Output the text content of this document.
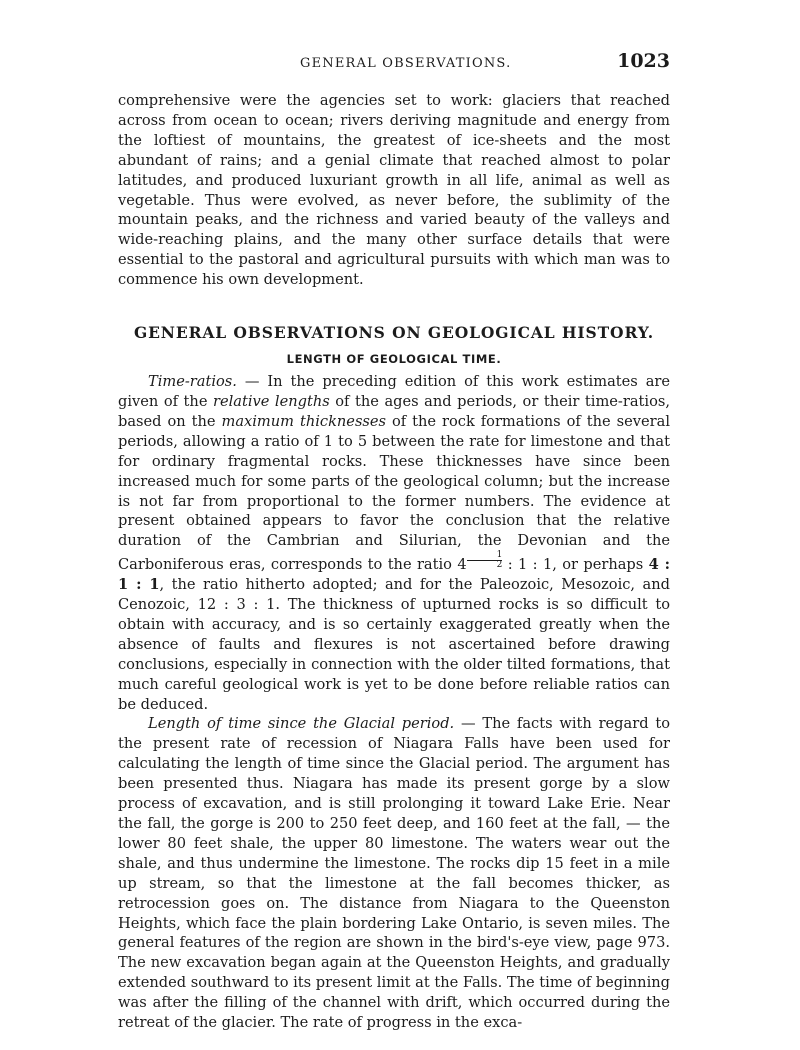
GENERAL OBSERVATIONS.	1023

comprehensive were the agencies set to work: glaciers that reached across from ocean to ocean; rivers deriving magnitude and energy from the loftiest of mountains, the greatest of ice-sheets and the most abundant of rains; and a genial climate that reached almost to polar latitudes, and produced luxuriant growth in all life, animal as well as vegetable. Thus were evolved, as never before, the sublimity of the mountain peaks, and the richness and varied beauty of the valleys and wide-reaching plains, and the many other surface details that were essential to the pastoral and agricultural pursuits with which man was to commence his own development.

GENERAL OBSERVATIONS ON GEOLOGICAL HISTORY.
LENGTH OF GEOLOGICAL TIME.

Time-ratios. — In the preceding edition of this work estimates are given of the relative lengths of the ages and periods, or their time-ratios, based on the maximum thicknesses of the rock formations of the several periods, allowing a ratio of 1 to 5 between the rate for limestone and that for ordinary fragmental rocks. These thicknesses have since been increased much for some parts of the geological column; but the increase is not far from proportional to the former numbers. The evidence at present obtained appears to favor the conclusion that the relative duration of the Cambrian and Silurian, the Devonian and the Carboniferous eras, corresponds to the ratio $4 \frac{1}{2}$ : 1 : 1, or perhaps 4 : 1 : 1, the ratio hitherto adopted; and for the Paleozoic, Mesozoic, and Cenozoic, 12 : 3 : 1. The thickness of upturned rocks is so difficult to obtain with accuracy, and is so certainly exaggerated greatly when the absence of faults and flexures is not ascertained before drawing conclusions, especially in connection with the older tilted formations, that much careful geological work is yet to be done before reliable ratios can be deduced.

Length of time since the Glacial period. — The facts with regard to the present rate of recession of Niagara Falls have been used for calculating the length of time since the Glacial period. The argument has been presented thus. Niagara has made its present gorge by a slow process of excavation, and is still prolonging it toward Lake Erie. Near the fall, the gorge is 200 to 250 feet deep, and 160 feet at the fall, — the lower 80 feet shale, the upper 80 limestone. The waters wear out the shale, and thus undermine the limestone. The rocks dip 15 feet in a mile up stream, so that the limestone at the fall becomes thicker, as retrocession goes on. The distance from Niagara to the Queenston Heights, which face the plain bordering Lake Ontario, is seven miles. The general features of the region are shown in the bird's-eye view, page 973. The new excavation began again at the Queenston Heights, and gradually extended southward to its present limit at the Falls. The time of beginning was after the filling of the channel with drift, which occurred during the retreat of the glacier. The rate of progress in the exca-
